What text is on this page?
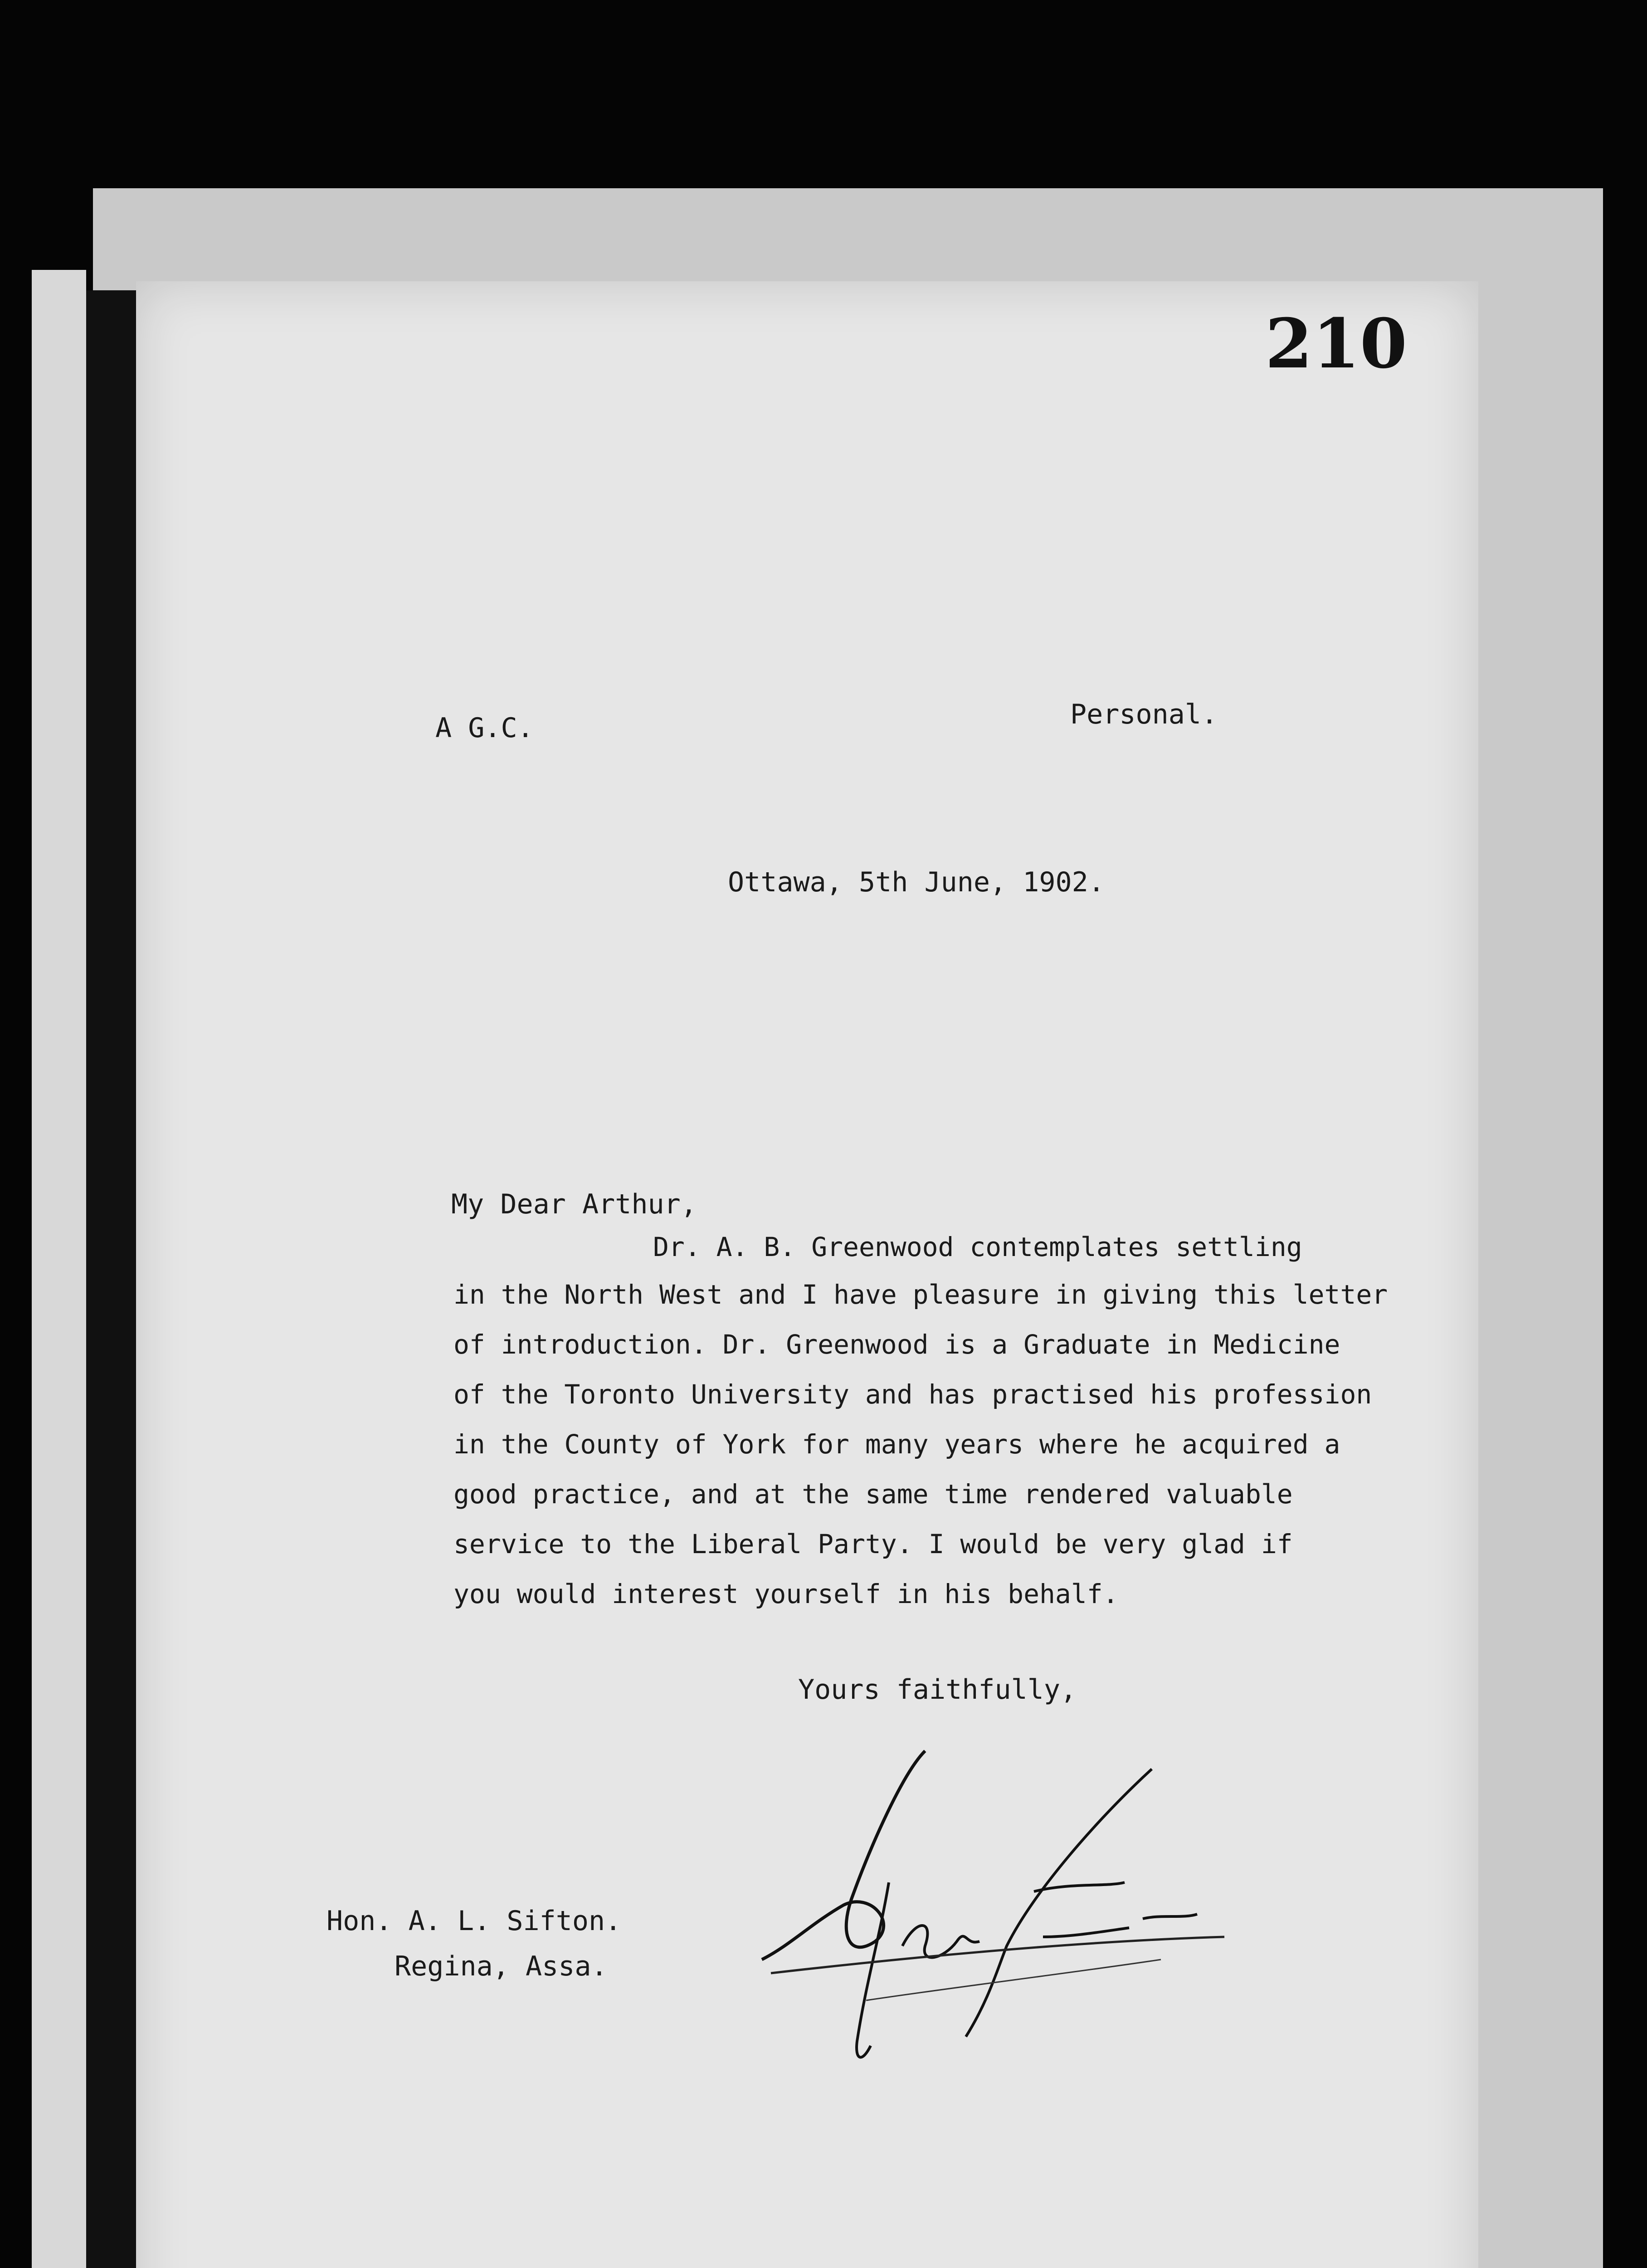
210
A G.C.	Personal.
Ottawa, 5th June, 1902.
My Dear Arthur,
Dr. A. B. Greenwood contemplates settling
in the North West and I have pleasure in giving this letter
of introduction. Dr. Greenwood is a Graduate in Medicine
of the Toronto University and has practised his profession
in the County of York for many years where he acquired a
good practice, and at the same time rendered valuable
service to the Liberal Party. I would be very glad if
you would interest yourself in his behalf.
Yours faithfully,
Hon. A. L. Sifton.
Regina, Assa.
